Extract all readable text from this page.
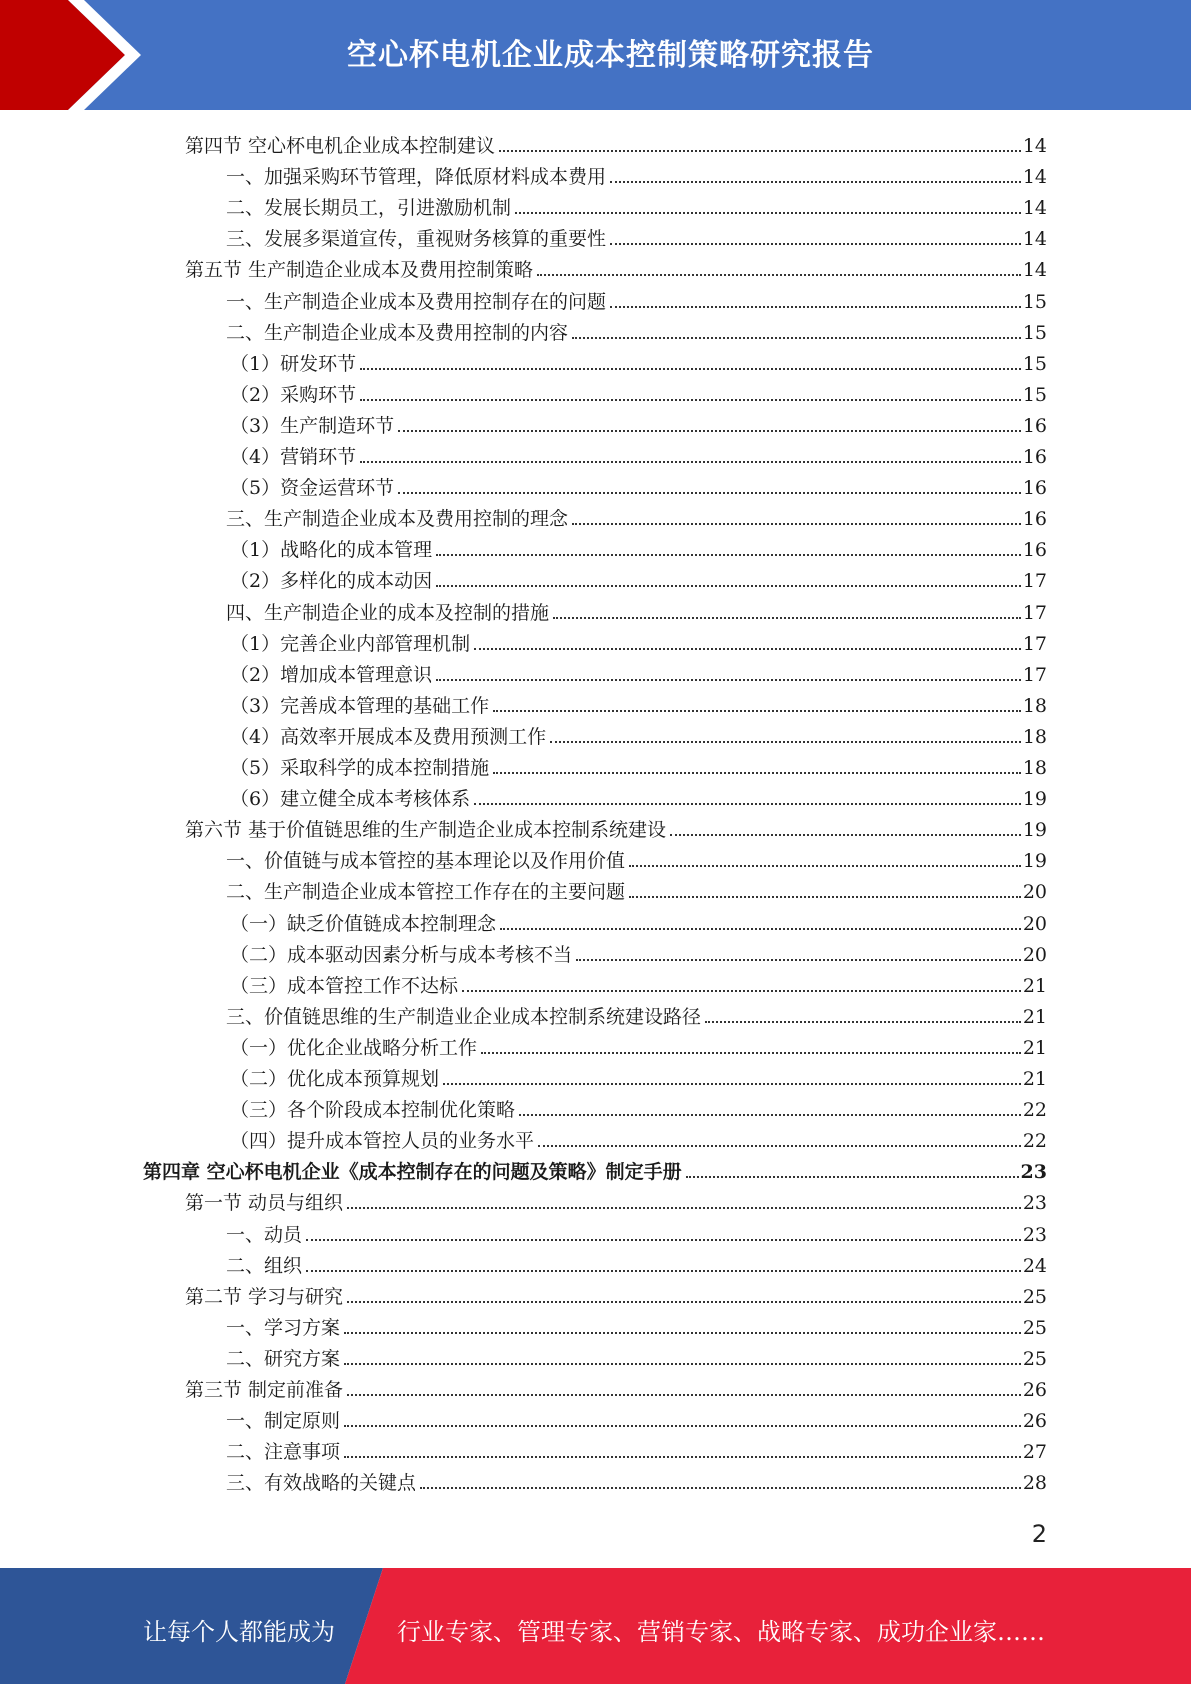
空心杯电机企业成本控制策略研究报告
第四节 空心杯电机企业成本控制建议	14
一、加强采购环节管理，降低原材料成本费用	14
二、发展长期员工，引进激励机制	14
三、发展多渠道宣传，重视财务核算的重要性	14
第五节 生产制造企业成本及费用控制策略	14
一、生产制造企业成本及费用控制存在的问题	15
二、生产制造企业成本及费用控制的内容	15
（1）研发环节	15
（2）采购环节	15
（3）生产制造环节	16
（4）营销环节	16
（5）资金运营环节	16
三、生产制造企业成本及费用控制的理念	16
（1）战略化的成本管理	16
（2）多样化的成本动因	17
四、生产制造企业的成本及控制的措施	17
（1）完善企业内部管理机制	17
（2）增加成本管理意识	17
（3）完善成本管理的基础工作	18
（4）高效率开展成本及费用预测工作	18
（5）采取科学的成本控制措施	18
（6）建立健全成本考核体系	19
第六节 基于价值链思维的生产制造企业成本控制系统建设	19
一、价值链与成本管控的基本理论以及作用价值	19
二、生产制造企业成本管控工作存在的主要问题	20
（一）缺乏价值链成本控制理念	20
（二）成本驱动因素分析与成本考核不当	20
（三）成本管控工作不达标	21
三、价值链思维的生产制造业企业成本控制系统建设路径	21
（一）优化企业战略分析工作	21
（二）优化成本预算规划	21
（三）各个阶段成本控制优化策略	22
（四）提升成本管控人员的业务水平	22
第四章 空心杯电机企业《成本控制存在的问题及策略》制定手册	23
第一节 动员与组织	23
一、动员	23
二、组织	24
第二节 学习与研究	25
一、学习方案	25
二、研究方案	25
第三节 制定前准备	26
一、制定原则	26
二、注意事项	27
三、有效战略的关键点	28
2
让每个人都能成为	行业专家、管理专家、营销专家、战略专家、成功企业家……
